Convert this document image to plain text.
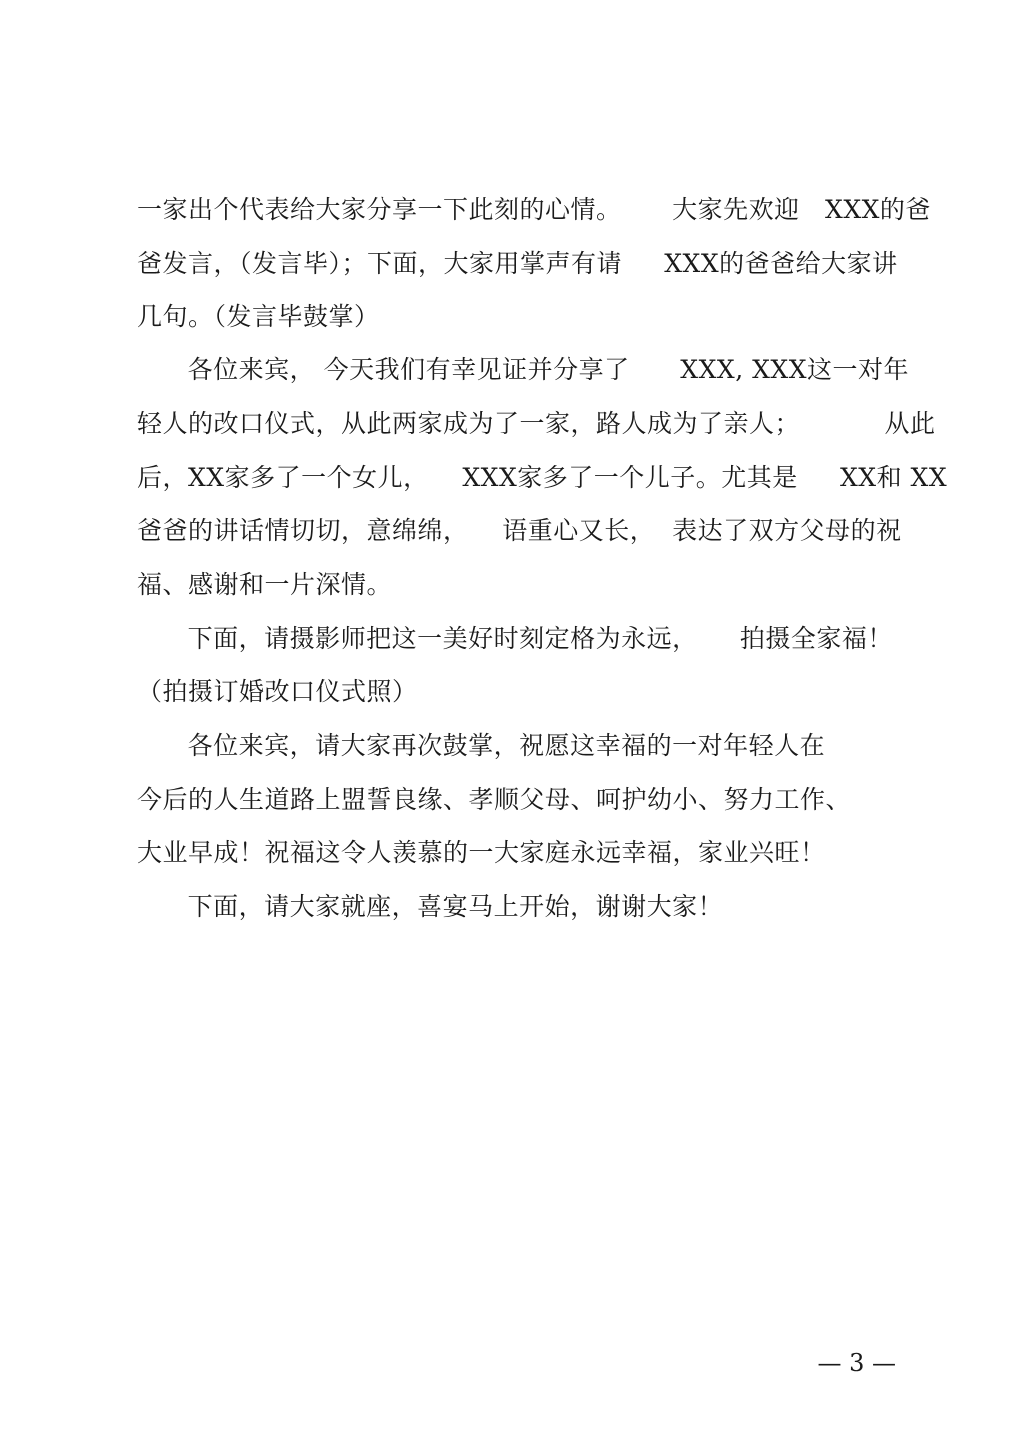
一家出个代表给大家分享一下此刻的心情。      大家先欢迎   XXX的爸
爸发言，（发言毕）；下面，大家用掌声有请     XXX的爸爸给大家讲
几句。（发言毕鼓掌）
各位来宾， 今天我们有幸见证并分享了      XXX, XXX这一对年
轻人的改口仪式，从此两家成为了一家，路人成为了亲人；          从此
后，XX家多了一个女儿，    XXX家多了一个儿子。尤其是     XX和 XX
爸爸的讲话情切切，意绵绵，    语重心又长，  表达了双方父母的祝
福、感谢和一片深情。
下面，请摄影师把这一美好时刻定格为永远，     拍摄全家福！
（拍摄订婚改口仪式照）
各位来宾，请大家再次鼓掌，祝愿这幸福的一对年轻人在
今后的人生道路上盟誓良缘、孝顺父母、呵护幼小、努力工作、
大业早成！祝福这令人羡慕的一大家庭永远幸福，家业兴旺！
下面，请大家就座，喜宴马上开始，谢谢大家！

— 3 —
